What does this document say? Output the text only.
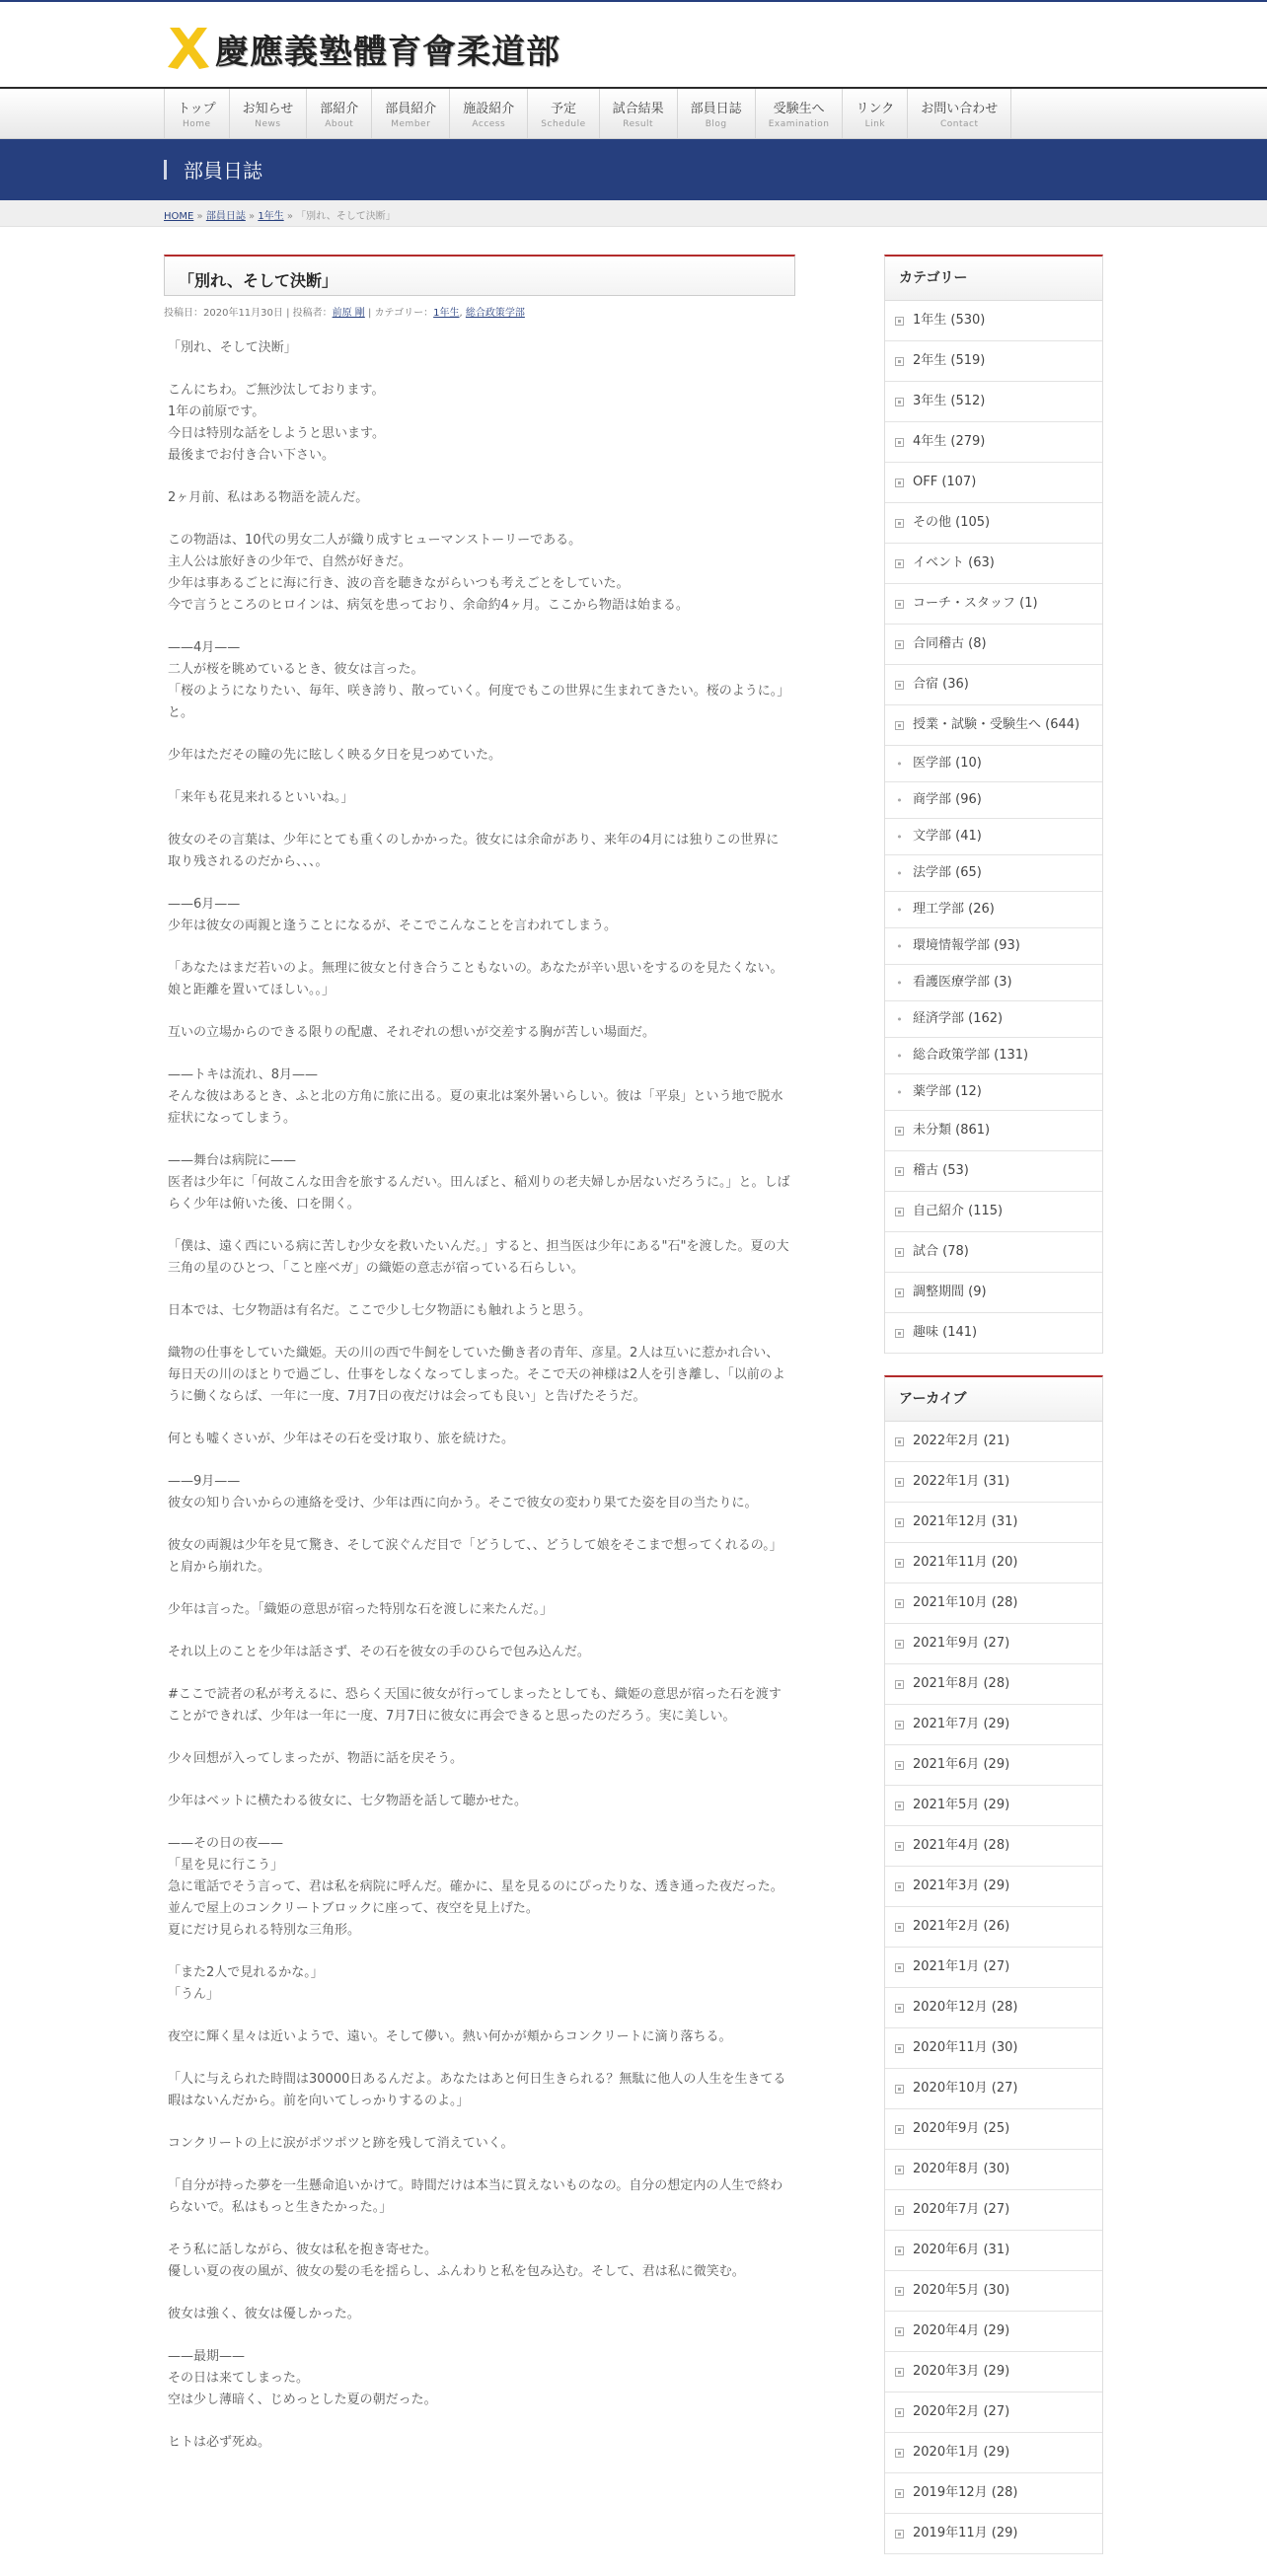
慶應義塾體育會柔道部
トップ
Home
お知らせ
News
部紹介
About
部員紹介
Member
施設紹介
Access
予定
Schedule
試合結果
Result
部員日誌
Blog
受験生へ
Examination
リンク
Link
お問い合わせ
Contact
部員日誌
HOME » 部員日誌 » 1年生 » 「別れ、そして決断」
「別れ、そして決断」
投稿日：2020年11月30日 | 投稿者：前原 剛 | カテゴリー：1年生, 総合政策学部

「別れ、そして決断」

こんにちわ。ご無沙汰しております。
1年の前原です。
今日は特別な話をしようと思います。
最後までお付き合い下さい。

2ヶ月前、私はある物語を読んだ。

この物語は、10代の男女二人が織り成すヒューマンストーリーである。
主人公は旅好きの少年で、自然が好きだ。
少年は事あるごとに海に行き、波の音を聴きながらいつも考えごとをしていた。
今で言うところのヒロインは、病気を患っており、余命約4ヶ月。ここから物語は始まる。

——4月——
二人が桜を眺めているとき、彼女は言った。
「桜のようになりたい、毎年、咲き誇り、散っていく。何度でもこの世界に生まれてきたい。桜のように。」と。

少年はただその瞳の先に眩しく映る夕日を見つめていた。

「来年も花見来れるといいね。」

彼女のその言葉は、少年にとても重くのしかかった。彼女には余命があり、来年の4月には独りこの世界に取り残されるのだから、、、。

——6月——
少年は彼女の両親と逢うことになるが、そこでこんなことを言われてしまう。

「あなたはまだ若いのよ。無理に彼女と付き合うこともないの。あなたが辛い思いをするのを見たくない。娘と距離を置いてほしい。。」

互いの立場からのできる限りの配慮、それぞれの想いが交差する胸が苦しい場面だ。

——トキは流れ、8月——
そんな彼はあるとき、ふと北の方角に旅に出る。夏の東北は案外暑いらしい。彼は「平泉」という地で脱水症状になってしまう。

——舞台は病院に——
医者は少年に「何故こんな田舎を旅するんだい。田んぼと、稲刈りの老夫婦しか居ないだろうに。」と。しばらく少年は俯いた後、口を開く。

「僕は、遠く西にいる病に苦しむ少女を救いたいんだ。」すると、担当医は少年にある"石"を渡した。夏の大三角の星のひとつ、「こと座ベガ」の織姫の意志が宿っている石らしい。

日本では、七夕物語は有名だ。ここで少し七夕物語にも触れようと思う。

織物の仕事をしていた織姫。天の川の西で牛飼をしていた働き者の青年、彦星。2人は互いに惹かれ合い、毎日天の川のほとりで過ごし、仕事をしなくなってしまった。そこで天の神様は2人を引き離し、「以前のように働くならば、一年に一度、7月7日の夜だけは会っても良い」と告げたそうだ。

何とも嘘くさいが、少年はその石を受け取り、旅を続けた。

——9月——
彼女の知り合いからの連絡を受け、少年は西に向かう。そこで彼女の変わり果てた姿を目の当たりに。

彼女の両親は少年を見て驚き、そして涙ぐんだ目で「どうして、、どうして娘をそこまで想ってくれるの。」と肩から崩れた。

少年は言った。「織姫の意思が宿った特別な石を渡しに来たんだ。」

それ以上のことを少年は話さず、その石を彼女の手のひらで包み込んだ。

#ここで読者の私が考えるに、恐らく天国に彼女が行ってしまったとしても、織姫の意思が宿った石を渡すことができれば、少年は一年に一度、7月7日に彼女に再会できると思ったのだろう。実に美しい。

少々回想が入ってしまったが、物語に話を戻そう。

少年はベットに横たわる彼女に、七夕物語を話して聴かせた。

——その日の夜——
「星を見に行こう」
急に電話でそう言って、君は私を病院に呼んだ。確かに、星を見るのにぴったりな、透き通った夜だった。並んで屋上のコンクリートブロックに座って、夜空を見上げた。
夏にだけ見られる特別な三角形。

「また2人で見れるかな。」
「うん」

夜空に輝く星々は近いようで、遠い。そして儚い。熱い何かが頬からコンクリートに滴り落ちる。

「人に与えられた時間は30000日あるんだよ。あなたはあと何日生きられる？無駄に他人の人生を生きてる暇はないんだから。前を向いてしっかりするのよ。」

コンクリートの上に涙がポツポツと跡を残して消えていく。

「自分が持った夢を一生懸命追いかけて。時間だけは本当に買えないものなの。自分の想定内の人生で終わらないで。私はもっと生きたかった。」

そう私に話しながら、彼女は私を抱き寄せた。
優しい夏の夜の風が、彼女の髪の毛を揺らし、ふんわりと私を包み込む。そして、君は私に微笑む。

彼女は強く、彼女は優しかった。

——最期——
その日は来てしまった。
空は少し薄暗く、じめっとした夏の朝だった。

ヒトは必ず死ぬ。

カテゴリー
1年生 (530)
2年生 (519)
3年生 (512)
4年生 (279)
OFF (107)
その他 (105)
イベント (63)
コーチ・スタッフ (1)
合同稽古 (8)
合宿 (36)
授業・試験・受験生へ (644)
• 医学部 (10)
• 商学部 (96)
• 文学部 (41)
• 法学部 (65)
• 理工学部 (26)
• 環境情報学部 (93)
• 看護医療学部 (3)
• 経済学部 (162)
• 総合政策学部 (131)
• 薬学部 (12)
未分類 (861)
稽古 (53)
自己紹介 (115)
試合 (78)
調整期間 (9)
趣味 (141)
アーカイブ
2022年2月 (21)
2022年1月 (31)
2021年12月 (31)
2021年11月 (20)
2021年10月 (28)
2021年9月 (27)
2021年8月 (28)
2021年7月 (29)
2021年6月 (29)
2021年5月 (29)
2021年4月 (28)
2021年3月 (29)
2021年2月 (26)
2021年1月 (27)
2020年12月 (28)
2020年11月 (30)
2020年10月 (27)
2020年9月 (25)
2020年8月 (30)
2020年7月 (27)
2020年6月 (31)
2020年5月 (30)
2020年4月 (29)
2020年3月 (29)
2020年2月 (27)
2020年1月 (29)
2019年12月 (28)
2019年11月 (29)
